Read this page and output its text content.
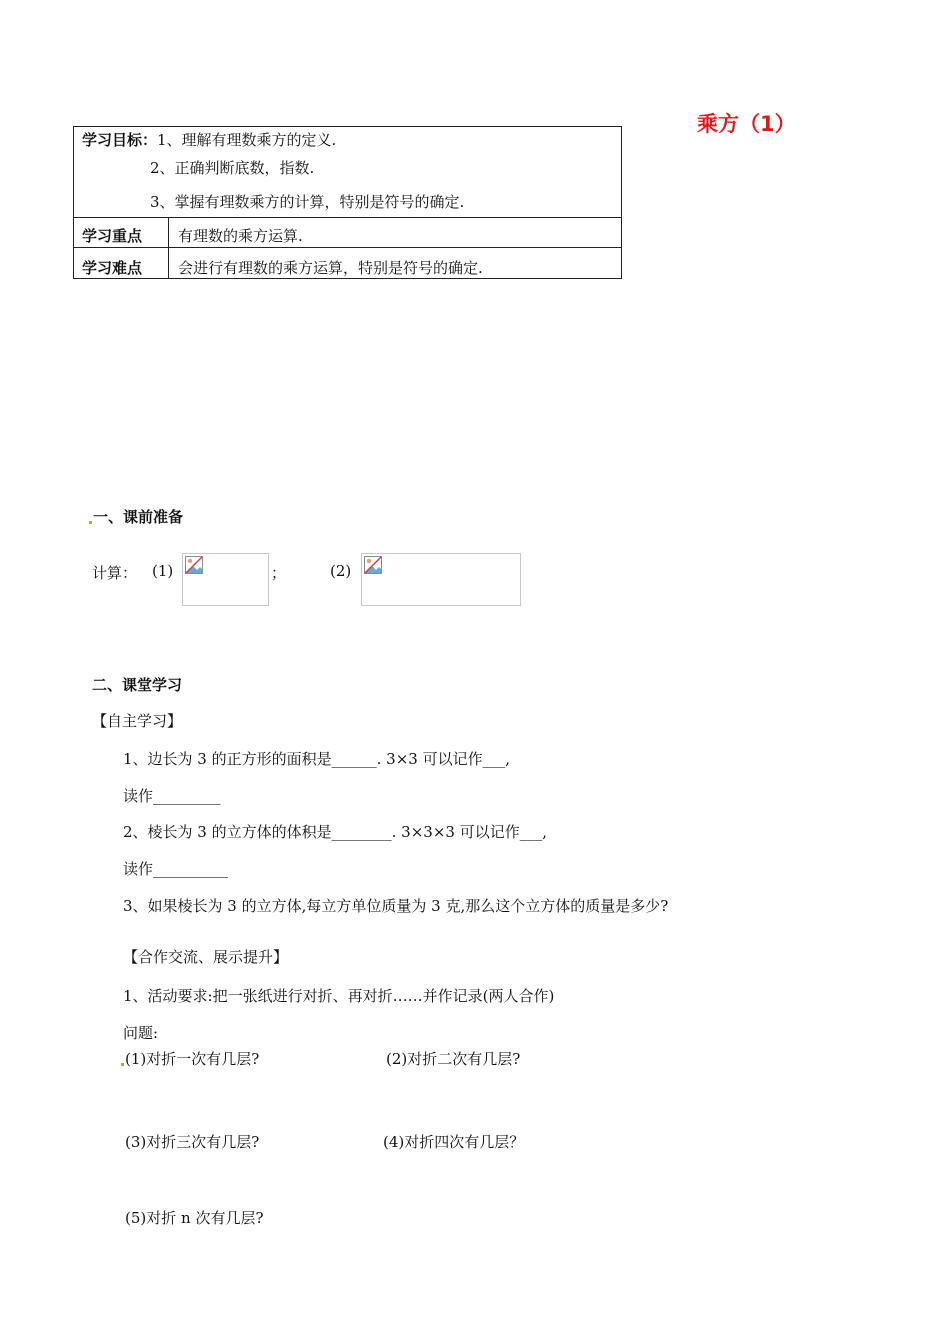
乘方（1）
学习目标：1、理解有理数乘方的定义.
2、正确判断底数，指数.
3、掌握有理数乘方的计算，特别是符号的确定.
学习重点 有理数的乘方运算.
学习难点 会进行有理数的乘方运算，特别是符号的确定.
一、课前准备
计算： (1)	；	(2)
二、课堂学习
【自主学习】
1、边长为 3 的正方形的面积是______. 3×3 可以记作___,
读作_________
2、棱长为 3 的立方体的体积是________. 3×3×3 可以记作___,
读作__________
3、如果棱长为 3 的立方体,每立方单位质量为 3 克,那么这个立方体的质量是多少?
【合作交流、展示提升】
1、活动要求:把一张纸进行对折、再对折……并作记录(两人合作)
问题:
(1)对折一次有几层?	(2)对折二次有几层?
(3)对折三次有几层?	(4)对折四次有几层？
(5)对折 n 次有几层?
